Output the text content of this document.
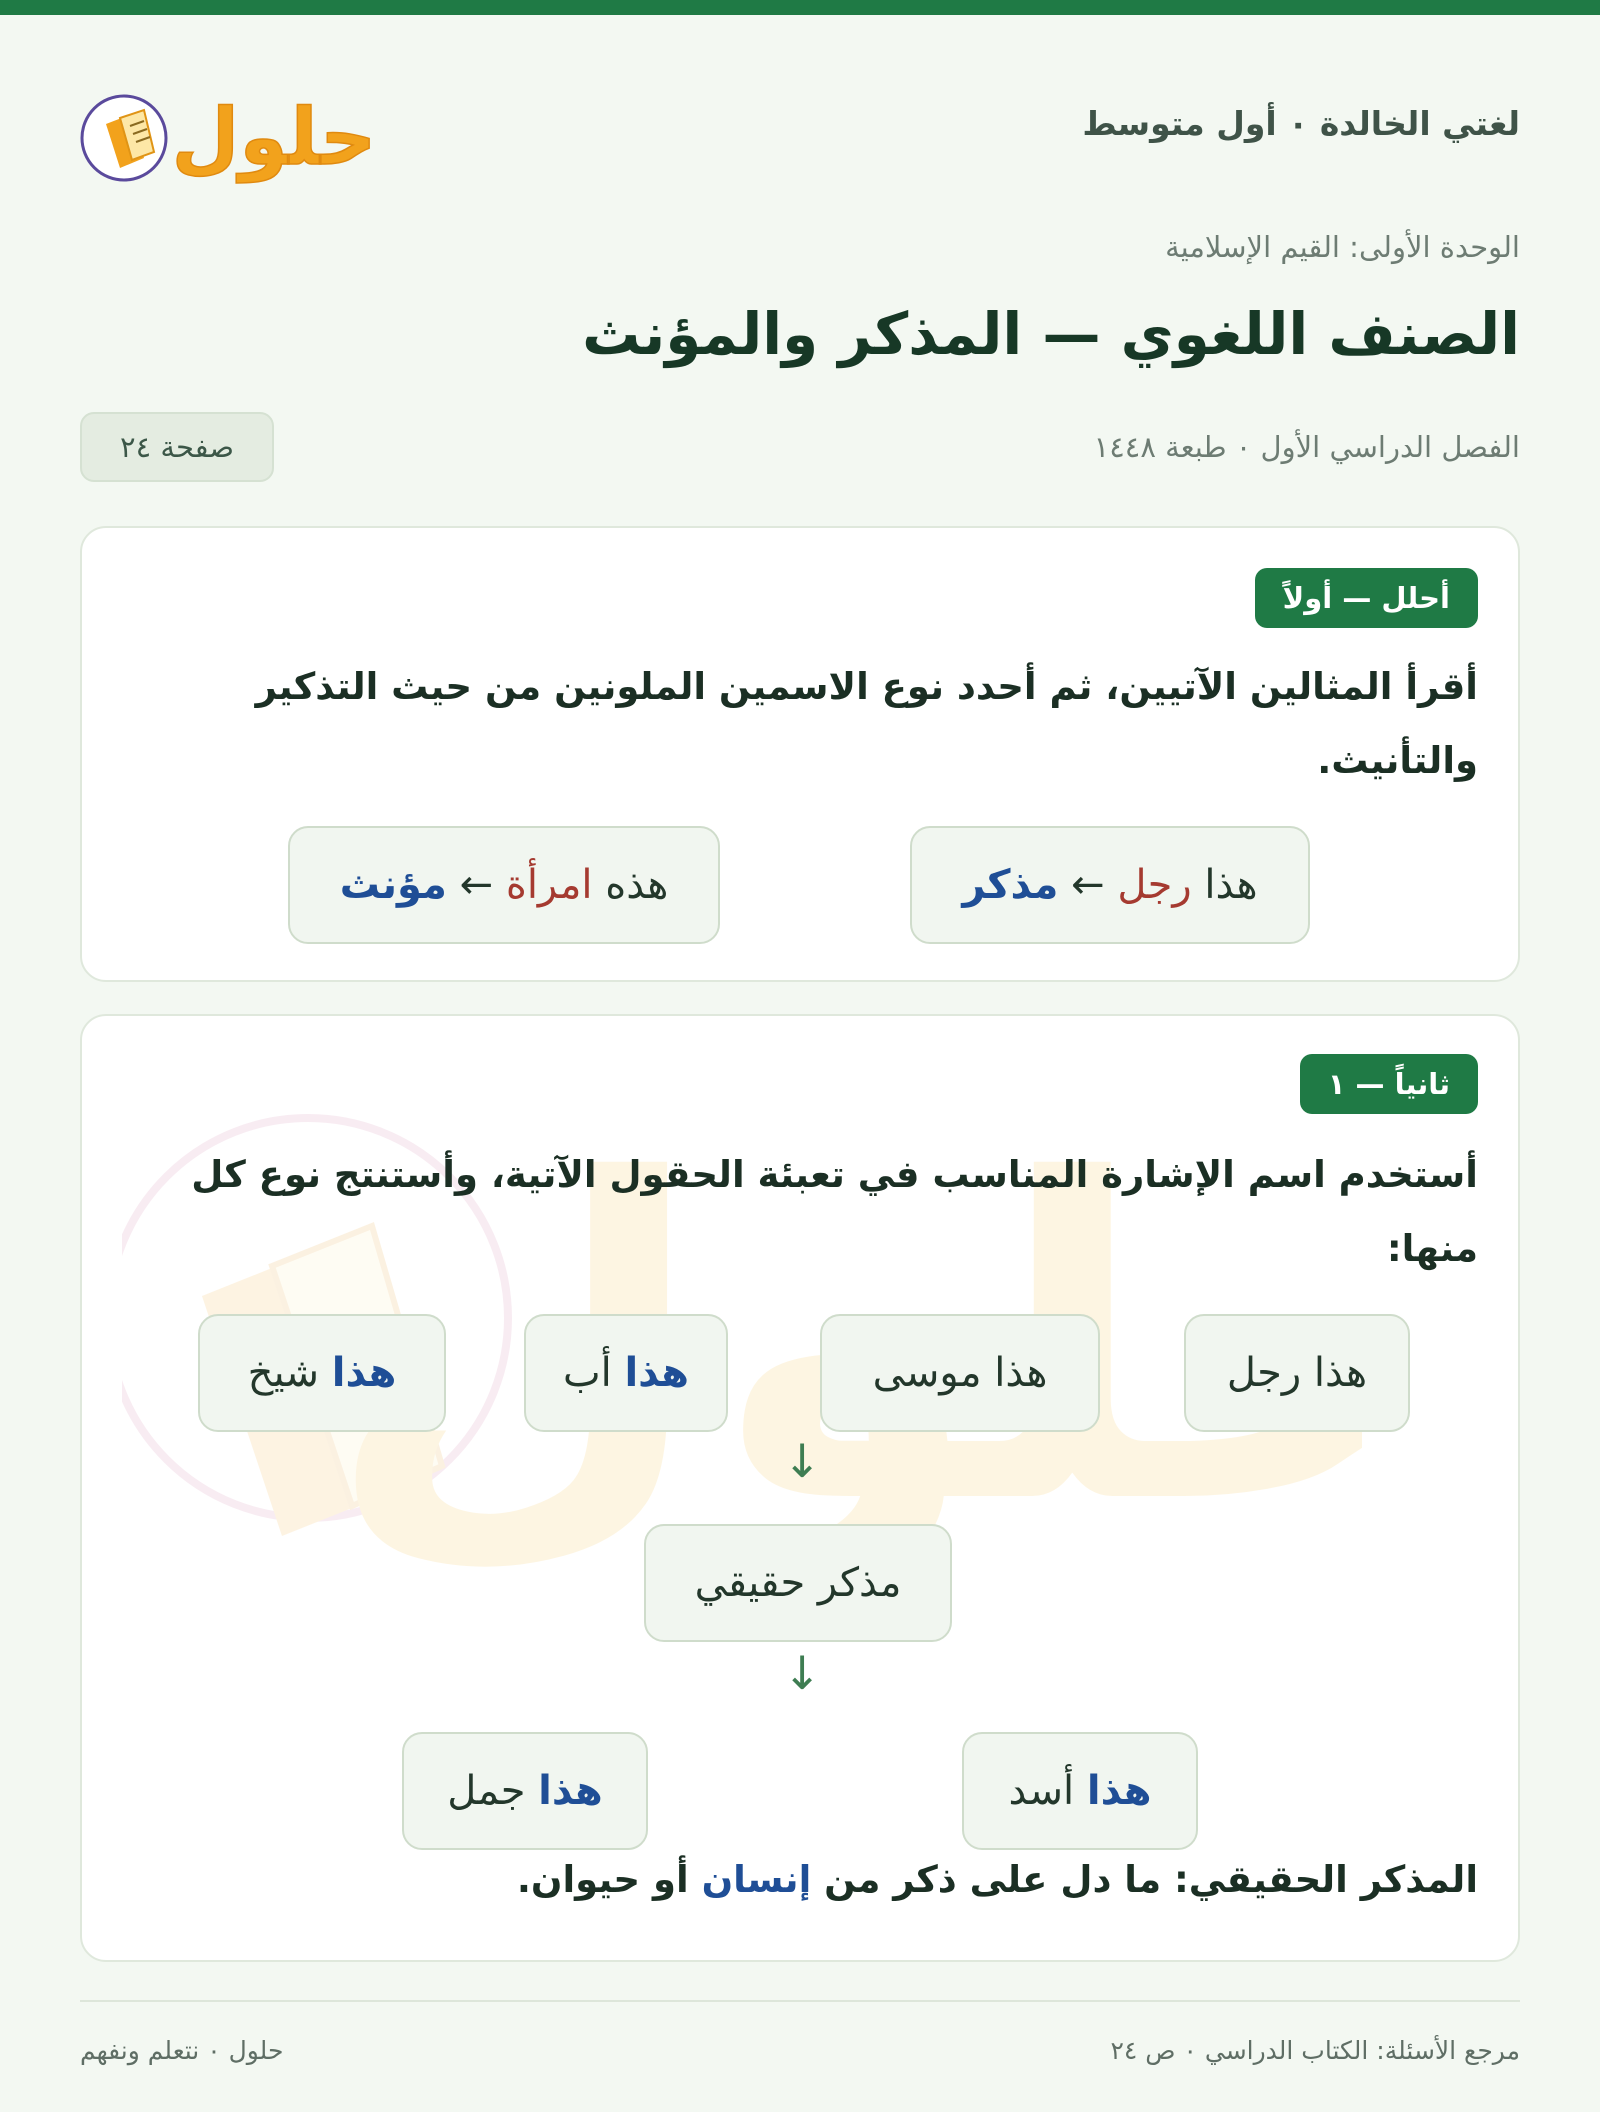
لغتي الخالدة ٠ أول متوسط
حلول
الوحدة الأولى: القيم الإسلامية
الصنف اللغوي — المذكر والمؤنث
الفصل الدراسي الأول ٠ طبعة ١٤٤٨
صفحة ٢٤
أحلل — أولاً
أقرأ المثالين الآتيين، ثم أحدد نوع الاسمين الملونين من حيث التذكير والتأنيث.
هذا

رجل

←

مذكر
هذه

امرأة

←

مؤنث
ثانياً — ١
أستخدم اسم الإشارة المناسب في تعبئة الحقول الآتية، وأستنتج نوع كل منها:
هذا رجل
هذا موسى
هذا

أب
هذا

شيخ
↓
مذكر حقيقي
↓
هذا

أسد
هذا

جمل
المذكر الحقيقي: ما دل على ذكر من إنسان أو حيوان.
مرجع الأسئلة: الكتاب الدراسي ٠ ص ٢٤
حلول ٠ نتعلم ونفهم
